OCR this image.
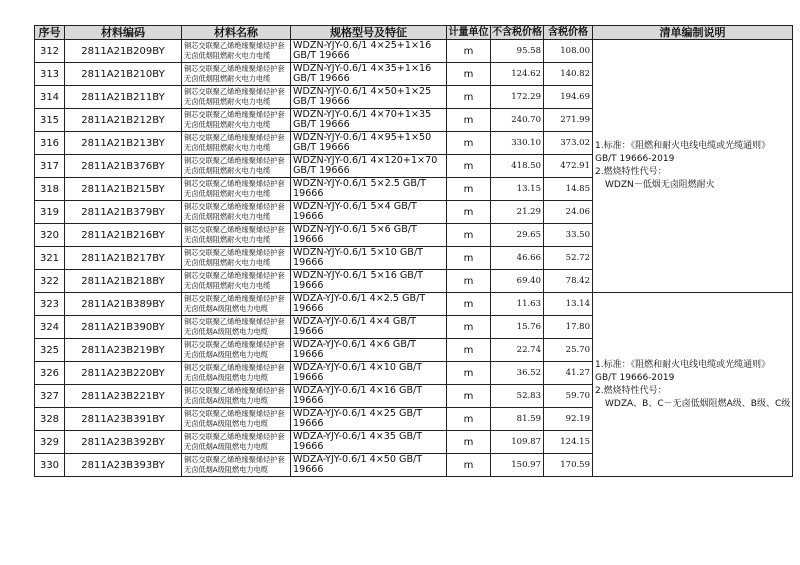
序号	材料编码	材料名称	规格型号及特征	计量单位	不含税价格	含税价格	清单编制说明
312	2811A21B209BY	铜芯交联聚乙烯绝缘聚烯烃护套无卤低烟阻燃耐火电力电缆	WDZN-YJY-0.6/1 4×25+1×16 GB/T 19666	m	95.58	108.00	1.标准：《阻燃和耐火电线电缆或光缆通则》
GB/T 19666-2019
2.燃烧特性代号：
WDZN－低烟无卤阻燃耐火

313	2811A21B210BY	铜芯交联聚乙烯绝缘聚烯烃护套无卤低烟阻燃耐火电力电缆	WDZN-YJY-0.6/1 4×35+1×16 GB/T 19666	m	124.62	140.82	
314	2811A21B211BY	铜芯交联聚乙烯绝缘聚烯烃护套无卤低烟阻燃耐火电力电缆	WDZN-YJY-0.6/1 4×50+1×25 GB/T 19666	m	172.29	194.69	
315	2811A21B212BY	铜芯交联聚乙烯绝缘聚烯烃护套无卤低烟阻燃耐火电力电缆	WDZN-YJY-0.6/1 4×70+1×35 GB/T 19666	m	240.70	271.99	
316	2811A21B213BY	铜芯交联聚乙烯绝缘聚烯烃护套无卤低烟阻燃耐火电力电缆	WDZN-YJY-0.6/1 4×95+1×50 GB/T 19666	m	330.10	373.02	
317	2811A21B376BY	铜芯交联聚乙烯绝缘聚烯烃护套无卤低烟阻燃耐火电力电缆	WDZN-YJY-0.6/1 4×120+1×70 GB/T 19666	m	418.50	472.91	
318	2811A21B215BY	铜芯交联聚乙烯绝缘聚烯烃护套无卤低烟阻燃耐火电力电缆	WDZN-YJY-0.6/1 5×2.5 GB/T 19666	m	13.15	14.85	
319	2811A21B379BY	铜芯交联聚乙烯绝缘聚烯烃护套无卤低烟阻燃耐火电力电缆	WDZN-YJY-0.6/1 5×4 GB/T 19666	m	21.29	24.06	
320	2811A21B216BY	铜芯交联聚乙烯绝缘聚烯烃护套无卤低烟阻燃耐火电力电缆	WDZN-YJY-0.6/1 5×6 GB/T 19666	m	29.65	33.50	
321	2811A21B217BY	铜芯交联聚乙烯绝缘聚烯烃护套无卤低烟阻燃耐火电力电缆	WDZN-YJY-0.6/1 5×10 GB/T 19666	m	46.66	52.72	
322	2811A21B218BY	铜芯交联聚乙烯绝缘聚烯烃护套无卤低烟阻燃耐火电力电缆	WDZN-YJY-0.6/1 5×16 GB/T 19666	m	69.40	78.42	
323	2811A21B389BY	铜芯交联聚乙烯绝缘聚烯烃护套无卤低烟A级阻燃电力电缆	WDZA-YJY-0.6/1 4×2.5 GB/T 19666	m	11.63	13.14	1.标准：《阻燃和耐火电线电缆或光缆通则》
GB/T 19666-2019
2.燃烧特性代号：
WDZA、B、C－无卤低烟阻燃A级、B级、C级

324	2811A21B390BY	铜芯交联聚乙烯绝缘聚烯烃护套无卤低烟A级阻燃电力电缆	WDZA-YJY-0.6/1 4×4 GB/T 19666	m	15.76	17.80	
325	2811A23B219BY	铜芯交联聚乙烯绝缘聚烯烃护套无卤低烟A级阻燃电力电缆	WDZA-YJY-0.6/1 4×6 GB/T 19666	m	22.74	25.70	
326	2811A23B220BY	铜芯交联聚乙烯绝缘聚烯烃护套无卤低烟A级阻燃电力电缆	WDZA-YJY-0.6/1 4×10 GB/T 19666	m	36.52	41.27	
327	2811A23B221BY	铜芯交联聚乙烯绝缘聚烯烃护套无卤低烟A级阻燃电力电缆	WDZA-YJY-0.6/1 4×16 GB/T 19666	m	52.83	59.70	
328	2811A23B391BY	铜芯交联聚乙烯绝缘聚烯烃护套无卤低烟A级阻燃电力电缆	WDZA-YJY-0.6/1 4×25 GB/T 19666	m	81.59	92.19	
329	2811A23B392BY	铜芯交联聚乙烯绝缘聚烯烃护套无卤低烟A级阻燃电力电缆	WDZA-YJY-0.6/1 4×35 GB/T 19666	m	109.87	124.15	
330	2811A23B393BY	铜芯交联聚乙烯绝缘聚烯烃护套无卤低烟A级阻燃电力电缆	WDZA-YJY-0.6/1 4×50 GB/T 19666	m	150.97	170.59	
